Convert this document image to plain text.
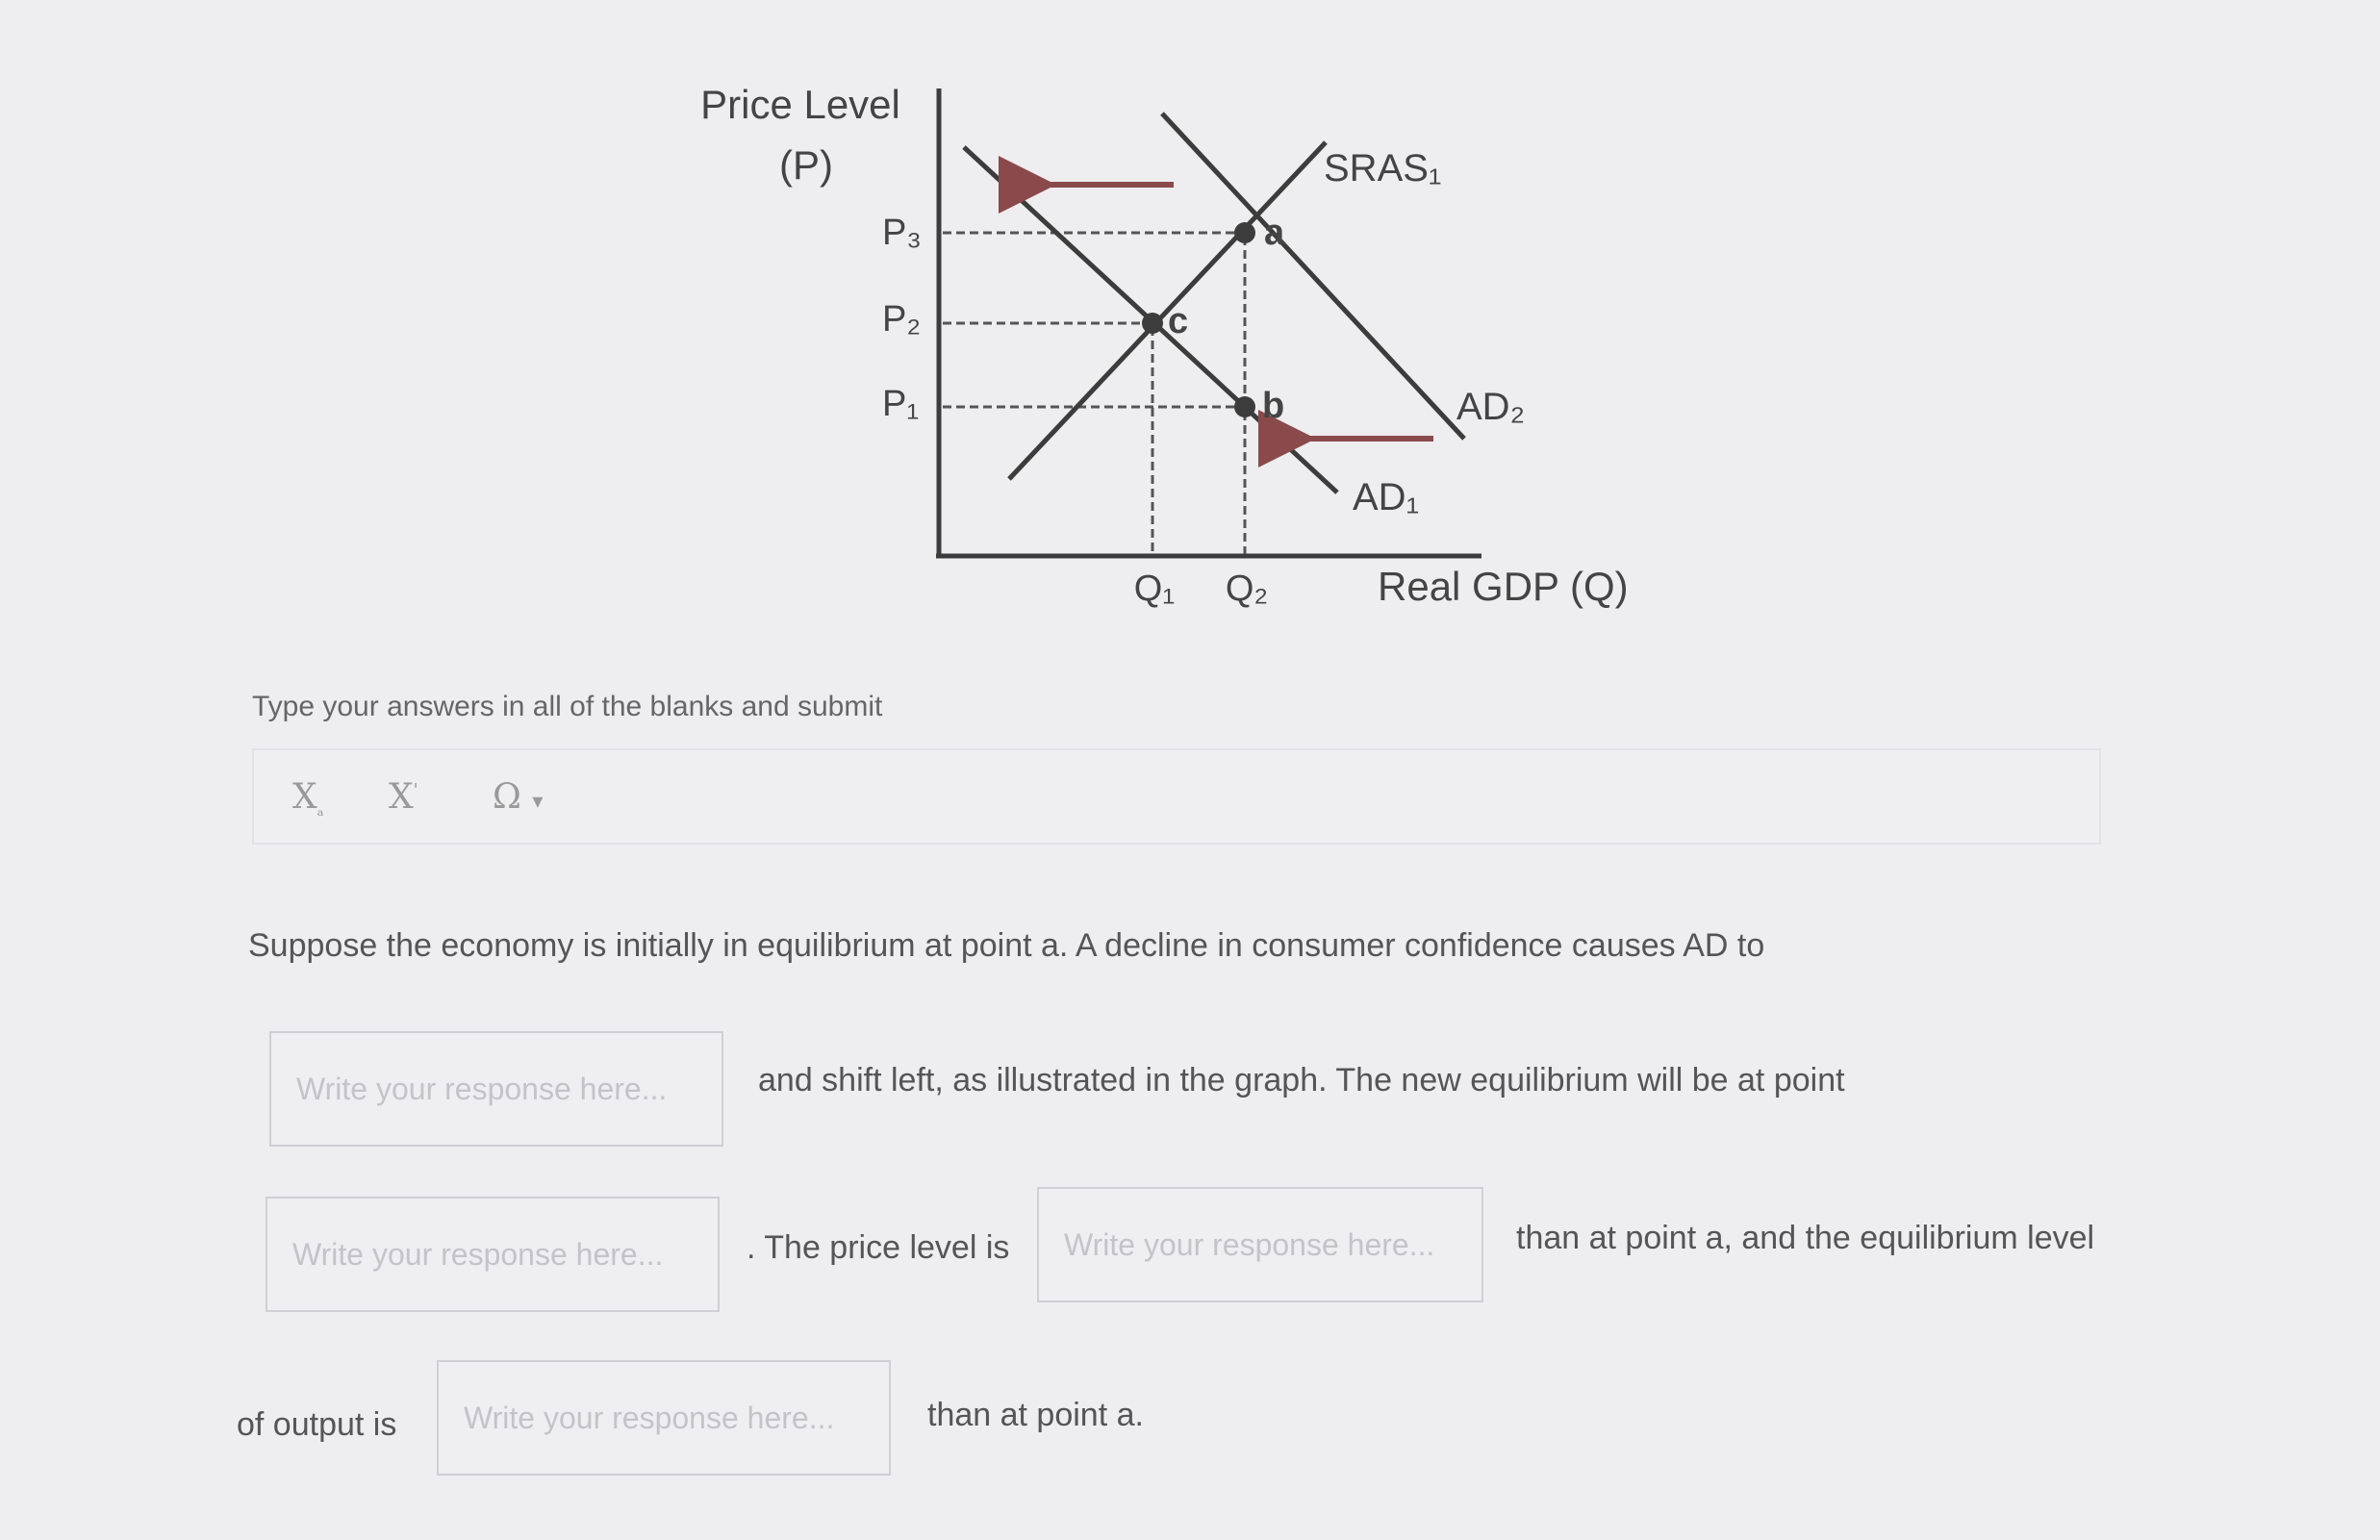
Price Level
(P)
Real GDP (Q)
a
c
b
P₃
P₂
P₁
Q₁ Q₂
SRAS₁
AD₂
AD₁
Type your answers in all of the blanks and submit
$X_{_a}$ X' Ω ▾
Suppose the economy is initially in equilibrium at point a. A decline in consumer confidence causes AD to
Write your response here...
and shift left, as illustrated in the graph. The new equilibrium will be at point
Write your response here...
. The price level is
Write your response here...	than at point a, and the equilibrium level
of output is
Write your response here...	than at point a.
